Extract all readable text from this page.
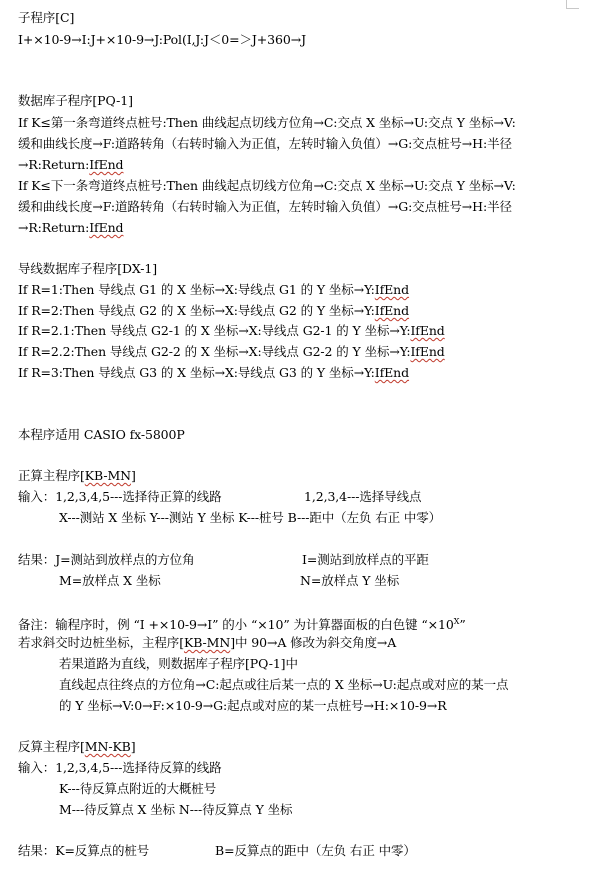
子程序[C]
I+×10-9→I:J+×10-9→J:Pol(I,J:J＜0=＞J+360→J
数据库子程序[PQ-1]
If K≤第一条弯道终点桩号:Then 曲线起点切线方位角→C:交点 X 坐标→U:交点 Y 坐标→V:
缓和曲线长度→F:道路转角（右转时输入为正值，左转时输入负值）→G:交点桩号→H:半径
→R:Return:IfEnd
If K≤下一条弯道终点桩号:Then 曲线起点切线方位角→C:交点 X 坐标→U:交点 Y 坐标→V:
缓和曲线长度→F:道路转角（右转时输入为正值，左转时输入负值）→G:交点桩号→H:半径
→R:Return:IfEnd
导线数据库子程序[DX-1]
If R=1:Then 导线点 G1 的 X 坐标→X:导线点 G1 的 Y 坐标→Y:IfEnd
If R=2:Then 导线点 G2 的 X 坐标→X:导线点 G2 的 Y 坐标→Y:IfEnd
If R=2.1:Then 导线点 G2-1 的 X 坐标→X:导线点 G2-1 的 Y 坐标→Y:IfEnd
If R=2.2:Then 导线点 G2-2 的 X 坐标→X:导线点 G2-2 的 Y 坐标→Y:IfEnd
If R=3:Then 导线点 G3 的 X 坐标→X:导线点 G3 的 Y 坐标→Y:IfEnd
本程序适用 CASIO fx-5800P
正算主程序[KB-MN]
输入：1,2,3,4,5---选择待正算的线路	1,2,3,4---选择导线点
X---测站 X 坐标 Y---测站 Y 坐标 K---桩号 B---距中（左负 右正 中零）
结果：J=测站到放样点的方位角	I=测站到放样点的平距
M=放样点 X 坐标	N=放样点 Y 坐标
备注：输程序时，例 “I +×10-9→I” 的小 “×10” 为计算器面板的白色键 “$\times 10^X$”
若求斜交时边桩坐标，主程序[KB-MN]中 90→A 修改为斜交角度→A
若果道路为直线，则数据库子程序[PQ-1]中
直线起点往终点的方位角→C:起点或往后某一点的 X 坐标→U:起点或对应的某一点
的 Y 坐标→V:0→F:×10-9→G:起点或对应的某一点桩号→H:×10-9→R
反算主程序[MN-KB]
输入：1,2,3,4,5---选择待反算的线路
K---待反算点附近的大概桩号
M---待反算点 X 坐标 N---待反算点 Y 坐标
结果：K=反算点的桩号	B=反算点的距中（左负 右正 中零）
